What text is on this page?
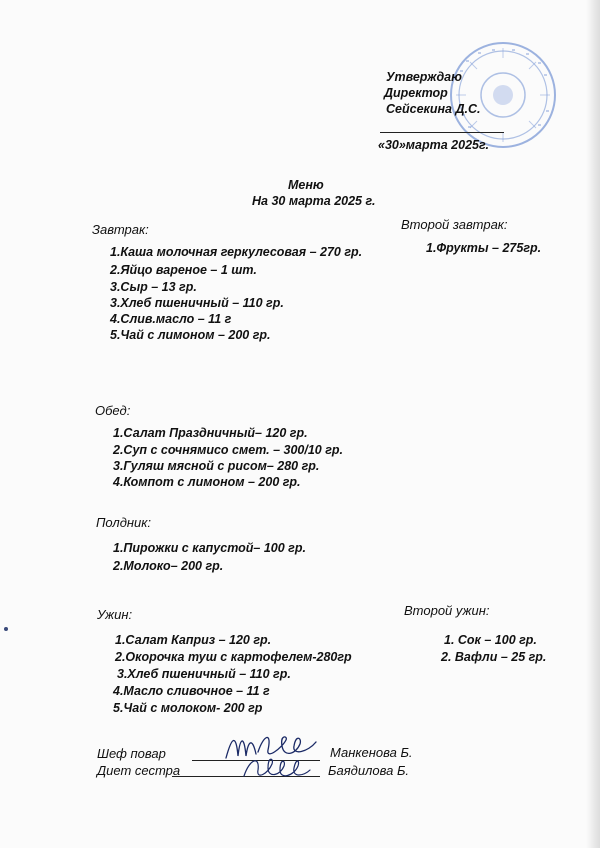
Утверждаю
Директор
Сейсекина Д.С.
«30»марта 2025г.
Меню
На 30 марта 2025 г.
Завтрак:
1.Каша молочная геркулесовая – 270 гр.
2.Яйцо вареное – 1 шт.
3.Сыр – 13 гр.
3.Хлеб пшеничный – 110 гр.
4.Слив.масло – 11 г
5.Чай с лимоном – 200 гр.
Второй завтрак:
1.Фрукты – 275гр.
Обед:
1.Салат Праздничный– 120 гр.
2.Суп с сочнямисо смет. – 300/10 гр.
3.Гуляш мясной с рисом– 280 гр.
4.Компот с лимоном – 200 гр.
Полдник:
1.Пирожки с капустой– 100 гр.
2.Молоко– 200 гр.
Ужин:
1.Салат Каприз – 120 гр.
2.Окорочка туш с картофелем-280гр
3.Хлеб пшеничный – 110 гр.
4.Масло сливочное – 11 г
5.Чай с молоком- 200 гр
Второй ужин:
1. Сок – 100 гр.
2. Вафли – 25 гр.
Шеф повар	Манкенова Б.
Диет сестра	Баядилова Б.
